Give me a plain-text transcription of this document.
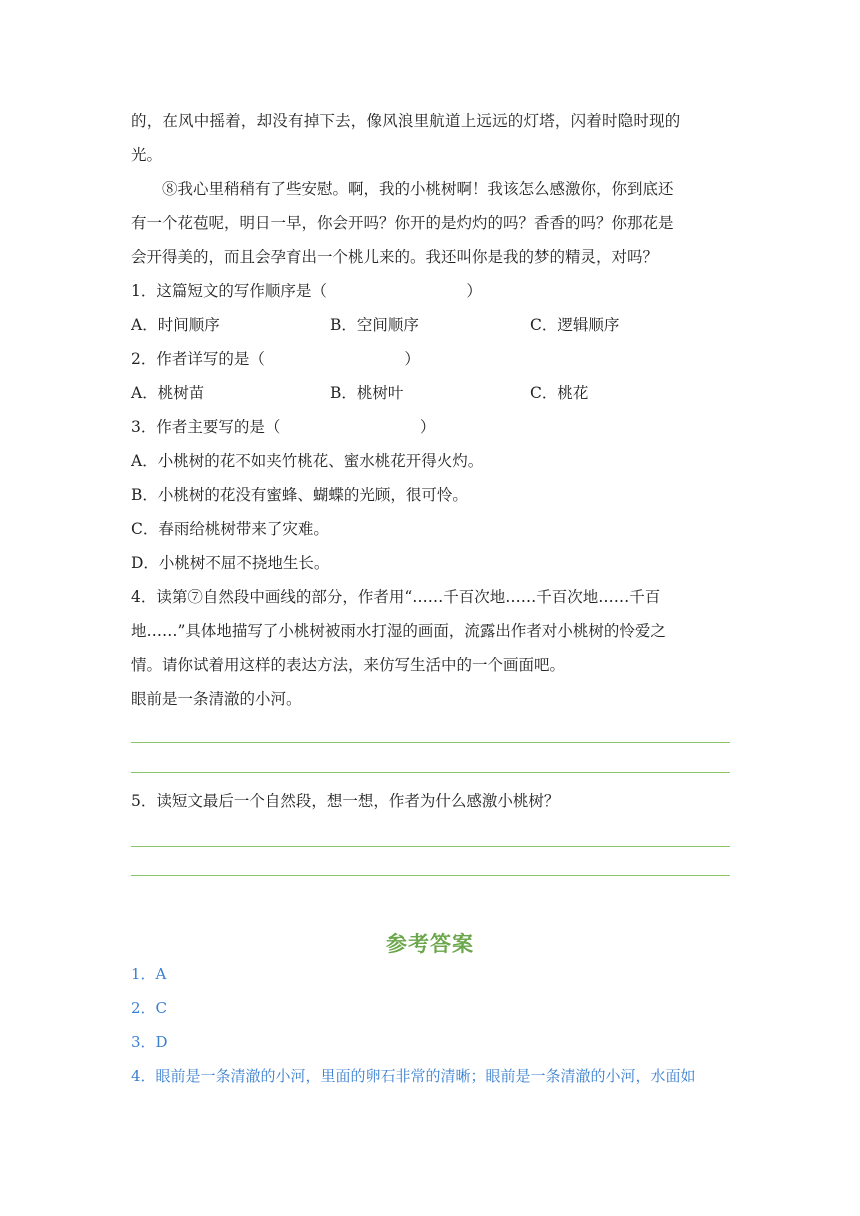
的，在风中摇着，却没有掉下去，像风浪里航道上远远的灯塔，闪着时隐时现的
光。
⑧我心里稍稍有了些安慰。啊，我的小桃树啊！我该怎么感激你，你到底还
有一个花苞呢，明日一早，你会开吗？你开的是灼灼的吗？香香的吗？你那花是
会开得美的，而且会孕育出一个桃儿来的。我还叫你是我的梦的精灵，对吗？
1．这篇短文的写作顺序是（　　　　　　　　　）
A．时间顺序	B．空间顺序	C．逻辑顺序
2．作者详写的是（　　　　　　　　　）
A．桃树苗	B．桃树叶	C．桃花
3．作者主要写的是（　　　　　　　　　）
A．小桃树的花不如夹竹桃花、蜜水桃花开得火灼。
B．小桃树的花没有蜜蜂、蝴蝶的光顾，很可怜。
C．春雨给桃树带来了灾难。
D．小桃树不屈不挠地生长。
4．读第⑦自然段中画线的部分，作者用“……千百次地……千百次地……千百
地……”具体地描写了小桃树被雨水打湿的画面，流露出作者对小桃树的怜爱之
情。请你试着用这样的表达方法，来仿写生活中的一个画面吧。
眼前是一条清澈的小河。
5．读短文最后一个自然段，想一想，作者为什么感激小桃树？
参考答案
1．A
2．C
3．D
4．眼前是一条清澈的小河，里面的卵石非常的清晰；眼前是一条清澈的小河，水面如
